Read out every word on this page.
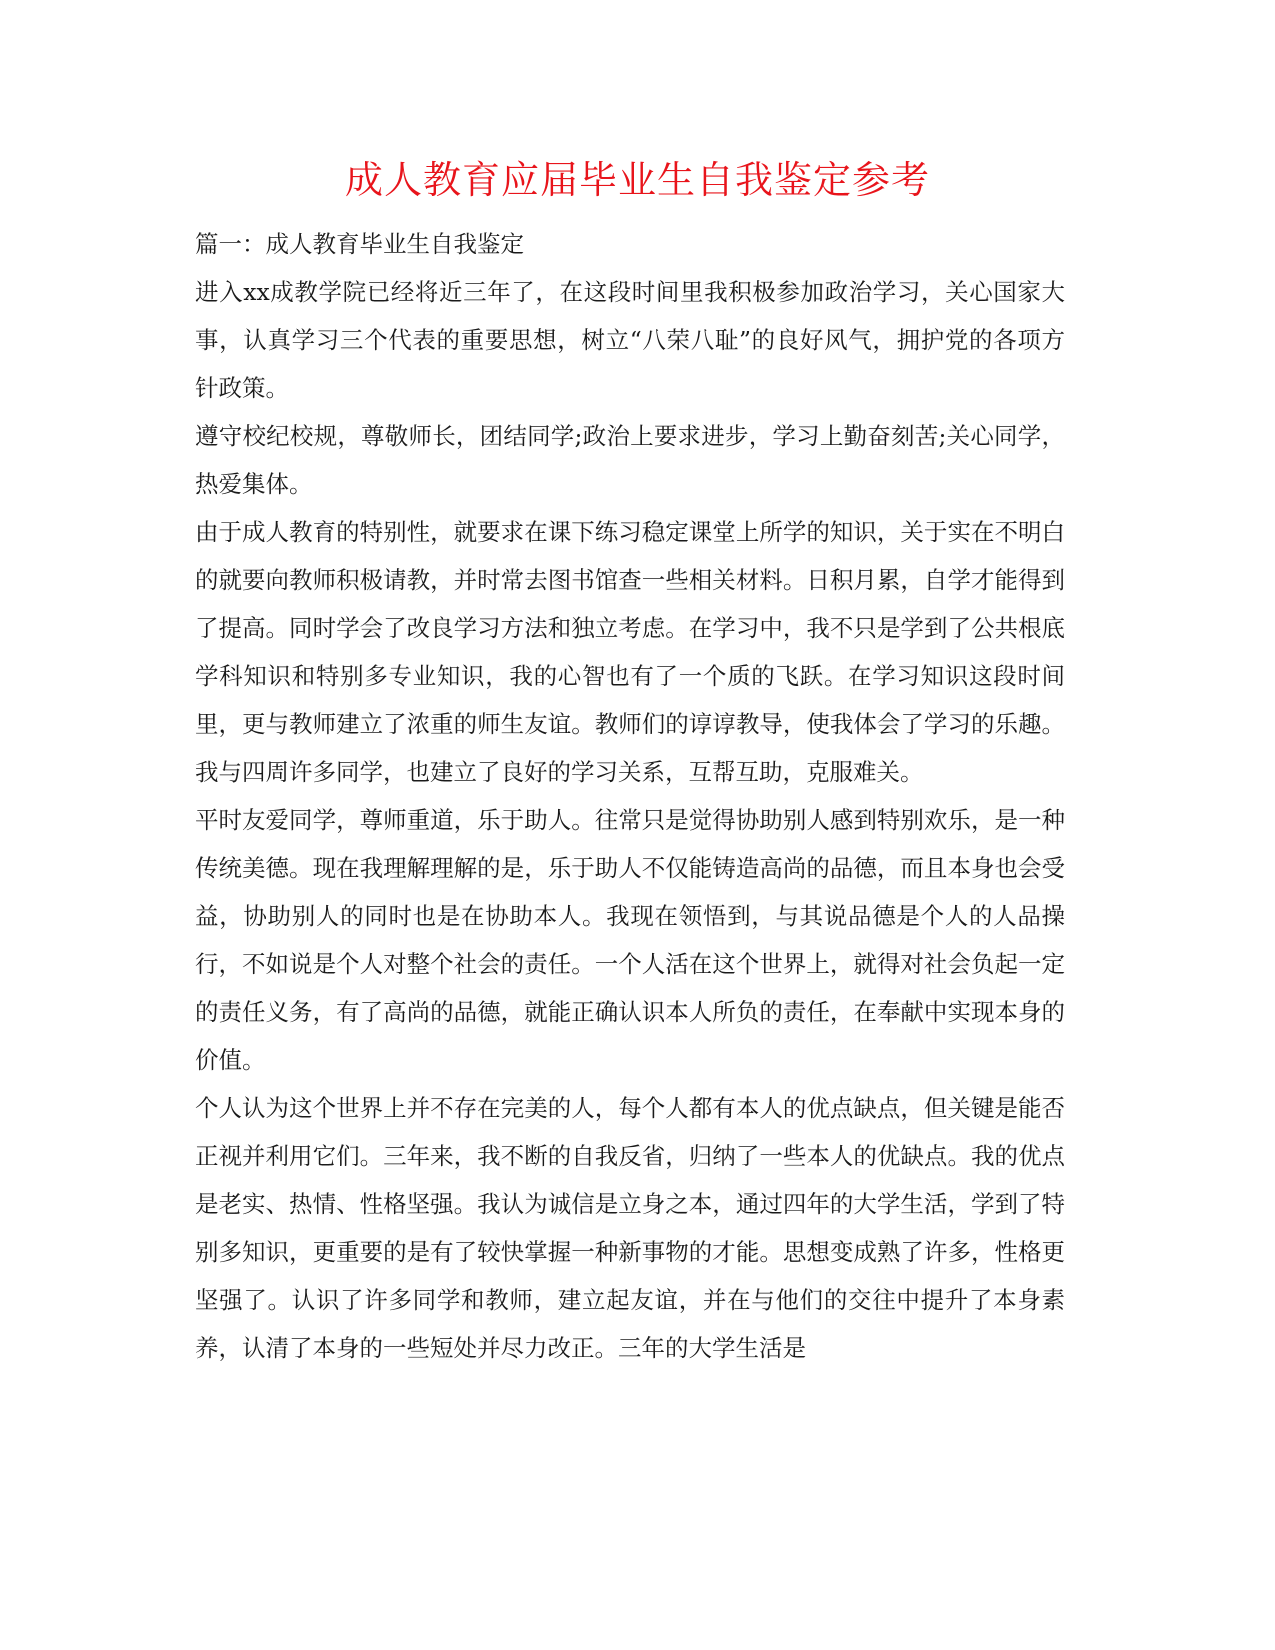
成人教育应届毕业生自我鉴定参考

篇一：成人教育毕业生自我鉴定

进入xx成教学院已经将近三年了，在这段时间里我积极参加政治学习，关心国家大事，认真学习三个代表的重要思想，树立“八荣八耻”的良好风气，拥护党的各项方针政策。

遵守校纪校规，尊敬师长，团结同学;政治上要求进步，学习上勤奋刻苦;关心同学，热爱集体。

由于成人教育的特别性，就要求在课下练习稳定课堂上所学的知识，关于实在不明白的就要向教师积极请教，并时常去图书馆查一些相关材料。日积月累，自学才能得到了提高。同时学会了改良学习方法和独立考虑。在学习中，我不只是学到了公共根底学科知识和特别多专业知识，我的心智也有了一个质的飞跃。在学习知识这段时间里，更与教师建立了浓重的师生友谊。教师们的谆谆教导，使我体会了学习的乐趣。我与四周许多同学，也建立了良好的学习关系，互帮互助，克服难关。

平时友爱同学，尊师重道，乐于助人。往常只是觉得协助别人感到特别欢乐，是一种传统美德。现在我理解理解的是，乐于助人不仅能铸造高尚的品德，而且本身也会受益，协助别人的同时也是在协助本人。我现在领悟到，与其说品德是个人的人品操行，不如说是个人对整个社会的责任。一个人活在这个世界上，就得对社会负起一定的责任义务，有了高尚的品德，就能正确认识本人所负的责任，在奉献中实现本身的价值。

个人认为这个世界上并不存在完美的人，每个人都有本人的优点缺点，但关键是能否正视并利用它们。三年来，我不断的自我反省，归纳了一些本人的优缺点。我的优点是老实、热情、性格坚强。我认为诚信是立身之本，通过四年的大学生活，学到了特别多知识，更重要的是有了较快掌握一种新事物的才能。思想变成熟了许多，性格更坚强了。认识了许多同学和教师，建立起友谊，并在与他们的交往中提升了本身素养，认清了本身的一些短处并尽力改正。三年的大学生活是
